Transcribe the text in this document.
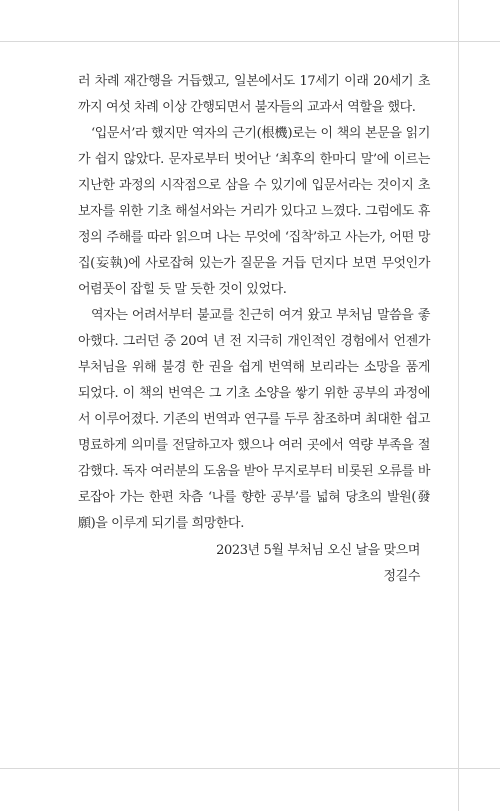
러 차례 재간행을 거듭했고, 일본에서도 17세기 이래 20세기 초까지 여섯 차례 이상 간행되면서 불자들의 교과서 역할을 했다.

‘입문서’라 했지만 역자의 근기(根機)로는 이 책의 본문을 읽기가 쉽지 않았다. 문자로부터 벗어난 ‘최후의 한마디 말’에 이르는 지난한 과정의 시작점으로 삼을 수 있기에 입문서라는 것이지 초보자를 위한 기초 해설서와는 거리가 있다고 느꼈다. 그럼에도 휴정의 주해를 따라 읽으며 나는 무엇에 ‘집착’하고 사는가, 어떤 망집(妄執)에 사로잡혀 있는가 질문을 거듭 던지다 보면 무엇인가 어렴풋이 잡힐 듯 말 듯한 것이 있었다.

역자는 어려서부터 불교를 친근히 여겨 왔고 부처님 말씀을 좋아했다. 그러던 중 20여 년 전 지극히 개인적인 경험에서 언젠가 부처님을 위해 불경 한 권을 쉽게 번역해 보리라는 소망을 품게 되었다. 이 책의 번역은 그 기초 소양을 쌓기 위한 공부의 과정에서 이루어졌다. 기존의 번역과 연구를 두루 참조하며 최대한 쉽고 명료하게 의미를 전달하고자 했으나 여러 곳에서 역량 부족을 절감했다. 독자 여러분의 도움을 받아 무지로부터 비롯된 오류를 바로잡아 가는 한편 차츰 ‘나를 향한 공부’를 넓혀 당초의 발원(發願)을 이루게 되기를 희망한다.

2023년 5월 부처님 오신 날을 맞으며
정길수
